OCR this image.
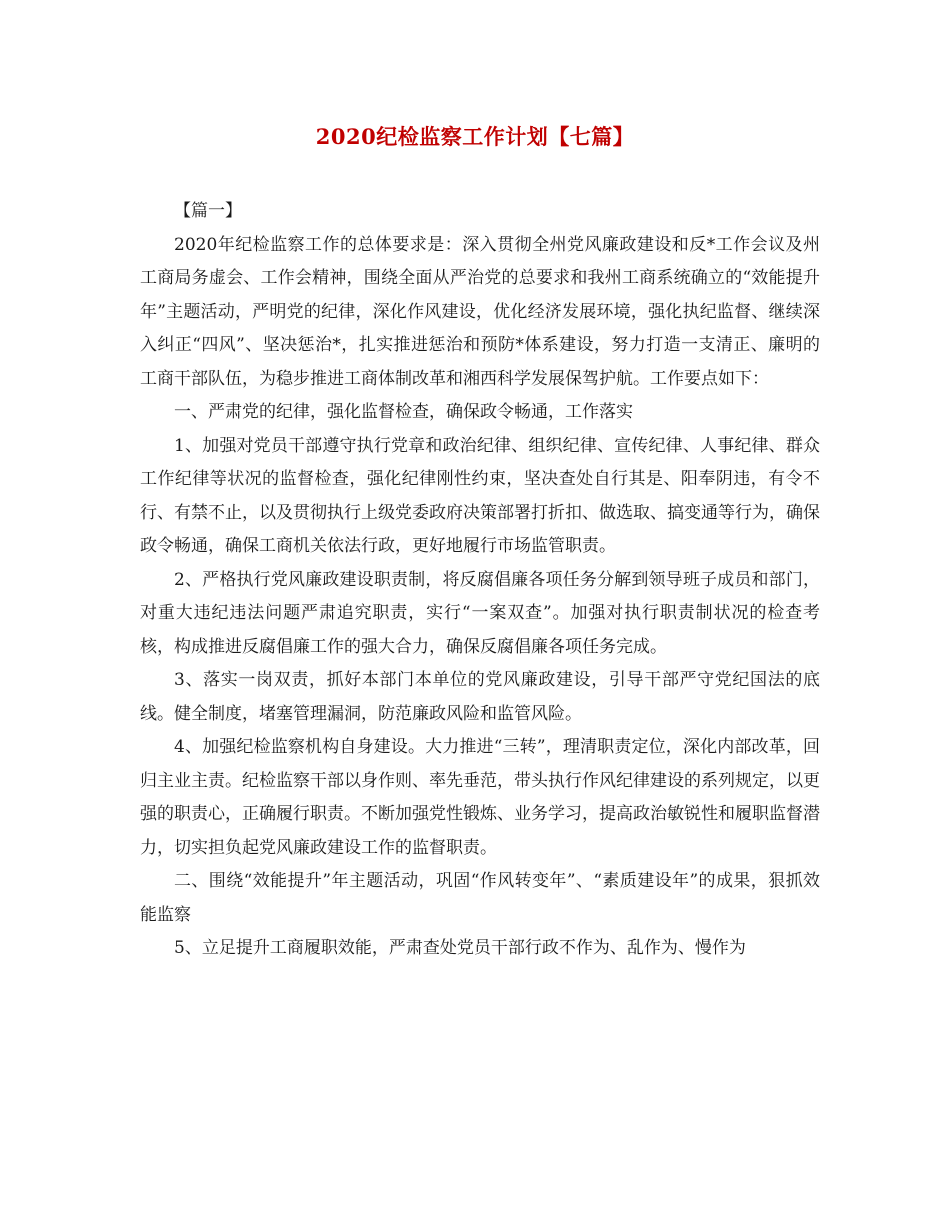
2020纪检监察工作计划【七篇】

【篇一】

2020年纪检监察工作的总体要求是：深入贯彻全州党风廉政建设和反*工作会议及州工商局务虚会、工作会精神，围绕全面从严治党的总要求和我州工商系统确立的“效能提升年”主题活动，严明党的纪律，深化作风建设，优化经济发展环境，强化执纪监督、继续深入纠正“四风”、坚决惩治*，扎实推进惩治和预防*体系建设，努力打造一支清正、廉明的工商干部队伍，为稳步推进工商体制改革和湘西科学发展保驾护航。工作要点如下：

一、严肃党的纪律，强化监督检查，确保政令畅通，工作落实

1、加强对党员干部遵守执行党章和政治纪律、组织纪律、宣传纪律、人事纪律、群众工作纪律等状况的监督检查，强化纪律刚性约束，坚决查处自行其是、阳奉阴违，有令不行、有禁不止，以及贯彻执行上级党委政府决策部署打折扣、做选取、搞变通等行为，确保政令畅通，确保工商机关依法行政，更好地履行市场监管职责。

2、严格执行党风廉政建设职责制，将反腐倡廉各项任务分解到领导班子成员和部门，对重大违纪违法问题严肃追究职责，实行“一案双查”。加强对执行职责制状况的检查考核，构成推进反腐倡廉工作的强大合力，确保反腐倡廉各项任务完成。

3、落实一岗双责，抓好本部门本单位的党风廉政建设，引导干部严守党纪国法的底线。健全制度，堵塞管理漏洞，防范廉政风险和监管风险。

4、加强纪检监察机构自身建设。大力推进“三转”，理清职责定位，深化内部改革，回归主业主责。纪检监察干部以身作则、率先垂范，带头执行作风纪律建设的系列规定，以更强的职责心，正确履行职责。不断加强党性锻炼、业务学习，提高政治敏锐性和履职监督潜力，切实担负起党风廉政建设工作的监督职责。

二、围绕“效能提升”年主题活动，巩固“作风转变年”、“素质建设年”的成果，狠抓效能监察

5、立足提升工商履职效能，严肃查处党员干部行政不作为、乱作为、慢作为
